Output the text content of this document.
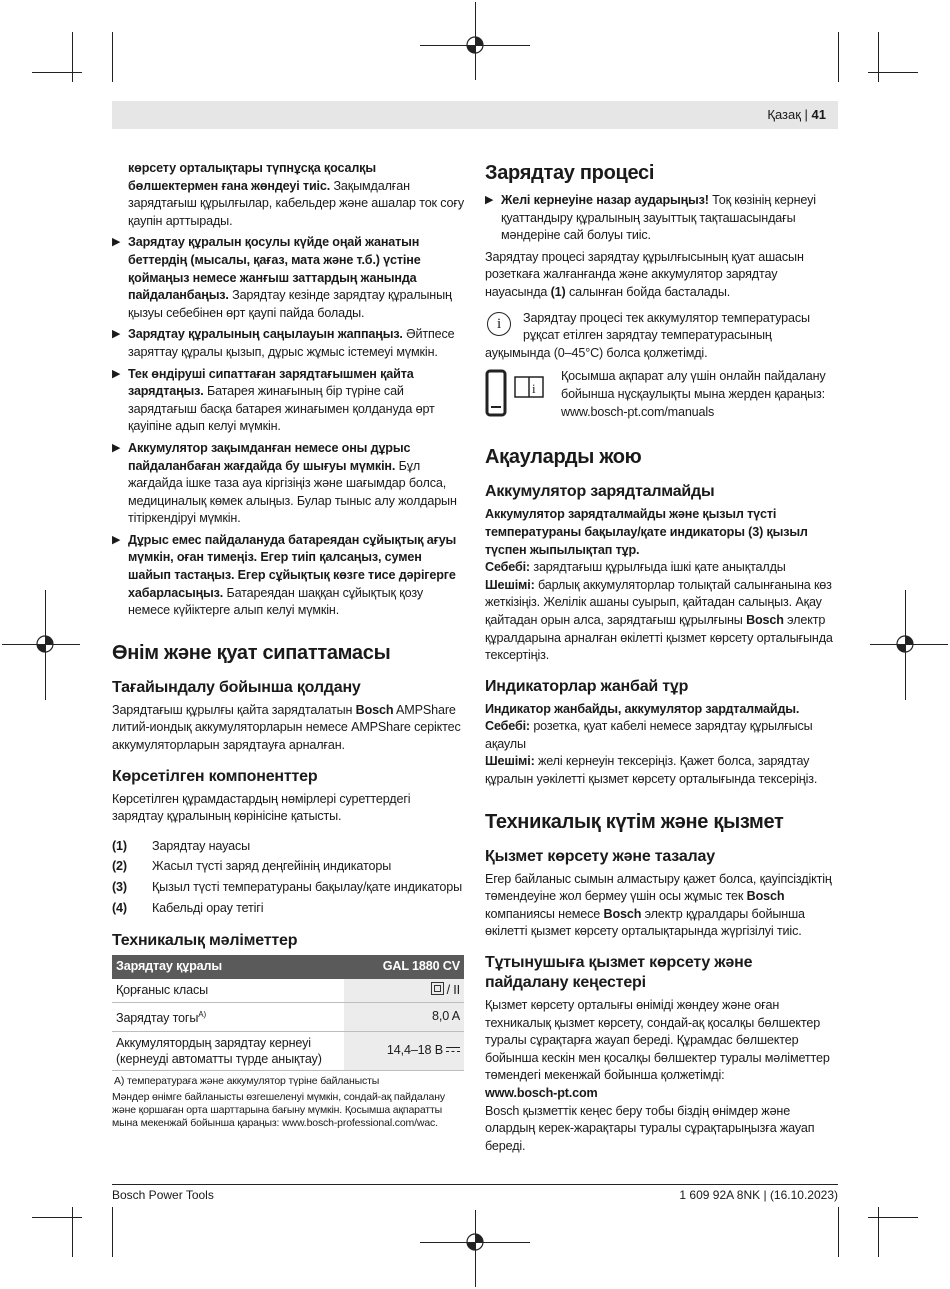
Қазақ | 41

көрсету орталықтары түпнұсқа қосалқы бөлшектермен ғана жөндеуі тиіс. Зақымдалған зарядтағыш құрылғылар, кабельдер және ашалар ток соғу қаупін арттырады.

▶ Зарядтау құралын қосулы күйде оңай жанатын беттердің (мысалы, қағаз, мата және т.б.) үстіне қоймаңыз немесе жанғыш заттардың жанында пайдаланбаңыз. Зарядтау кезінде зарядтау құралының қызуы себебінен өрт қаупі пайда болады.
▶ Зарядтау құралының саңылауын жаппаңыз. Әйтпесе заряттау құралы қызып, дұрыс жұмыс істемеуі мүмкін.
▶ Тек өндіруші сипаттаған зарядтағышмен қайта зарядтаңыз. Батарея жинағының бір түріне сай зарядтағыш басқа батарея жинағымен қолдануда өрт қауіпіне адып келуі мүмкін.
▶ Аккумулятор зақымданған немесе оны дұрыс пайдаланбаған жағдайда бу шығуы мүмкін. Бұл жағдайда ішке таза ауа кіргізіңіз және шағымдар болса, медициналық көмек алыңыз. Булар тыныс алу жолдарын тітіркендіруі мүмкін.
▶ Дұрыс емес пайдалануда батареядан сұйықтық ағуы мүмкін, оған тимеңіз. Егер тиіп қалсаңыз, сумен шайып тастаңыз. Егер сұйықтық көзге тисе дәрігерге хабарласыңыз. Батареядан шаққан сұйықтық қозу немесе күйіктерге алып келуі мүмкін.
Өнім және қуат сипаттамасы
Тағайындалу бойынша қолдану

Зарядтағыш құрылғы қайта зарядталатын Bosch AMPShare литий-иондық аккумуляторларын немесе AMPShare серіктес аккумуляторларын зарядтауға арналған.

Көрсетілген компоненттер

Көрсетілген құрамдастардың нөмірлері суреттердегі зарядтау құралының көрінісіне қатысты.

(1)	Зарядтау науасы
(2)	Жасыл түсті заряд деңгейінің индикаторы
(3)	Қызыл түсті температураны бақылау/қате индикаторы
(4)	Кабельді орау тетігі
Техникалық мәліметтер
Зарядтау құралы	GAL 1880 CV
Қорғаныс класы	/ II
Зарядтау тогы$^{A)}$	8,0 A
Аккумулятордың зарядтау кернеуі (кернеуді автоматты түрде анықтау)	14,4–18 В
A) температураға және аккумулятор түріне байланысты
Мәндер өнімге байланысты өзгешеленуі мүмкін, сондай-ақ пайдалану және қоршаған орта шарттарына бағыну мүмкін. Қосымша ақпаратты мына мекенжай бойынша қараңыз: www.bosch-professional.com/wac.
Зарядтау процесі
▶ Желі кернеуіне назар аударыңыз! Тоқ көзінің кернеуі қуаттандыру құралының зауыттық тақташасындағы мәндеріне сай болуы тиіс.

Зарядтау процесі зарядтау құрылғысының қуат ашасын розеткаға жалғанғанда және аккумулятор зарядтау науасында (1) салынған бойда басталады.

i	Зарядтау процесі тек аккумулятор температурасы рұқсат етілген зарядтау температурасының ауқымында (0–45°C) болса қолжетімді.
i
Қосымша ақпарат алу үшін онлайн пайдалану бойынша нұсқаулықты мына жерден қараңыз: www.bosch-pt.com/manuals
Ақауларды жою
Аккумулятор зарядталмайды

Аккумулятор зарядталмайды және қызыл түсті температураны бақылау/қате индикаторы (3) қызыл түспен жыпылықтап тұр.

Себебі: зарядтағыш құрылғыда ішкі қате анықталды

Шешімі: барлық аккумуляторлар толықтай салынғанына көз жеткізіңіз. Желілік ашаны суырып, қайтадан салыңыз. Ақау қайтадан орын алса, зарядтағыш құрылғыны Bosch электр құралдарына арналған өкілетті қызмет көрсету орталығында тексертіңіз.

Индикаторлар жанбай тұр

Индикатор жанбайды, аккумулятор зардталмайды.

Себебі: розетка, қуат кабелі немесе зарядтау құрылғысы ақаулы

Шешімі: желі кернеуін тексеріңіз. Қажет болса, зарядтау құралын уәкілетті қызмет көрсету орталығында тексеріңіз.

Техникалық күтім және қызмет
Қызмет көрсету және тазалау

Егер байланыс сымын алмастыру қажет болса, қауіпсіздіктің төмендеуіне жол бермеу үшін осы жұмыс тек Bosch компаниясы немесе Bosch электр құралдары бойынша өкілетті қызмет көрсету орталықтарында жүргізілуі тиіс.

Тұтынушыға қызмет көрсету және пайдалану кеңестері

Қызмет көрсету орталығы өніміді жөндеу және оған техникалық қызмет көрсету, сондай-ақ қосалқы бөлшектер туралы сұрақтарға жауап береді. Құрамдас бөлшектер бойынша кескін мен қосалқы бөлшектер туралы мәліметтер төмендегі мекенжай бойынша қолжетімді:

www.bosch-pt.com

Bosch қызметтік кеңес беру тобы біздің өнімдер және олардың керек-жарақтары туралы сұрақтарыңызға жауап береді.

Bosch Power Tools	1 609 92A 8NK | (16.10.2023)
